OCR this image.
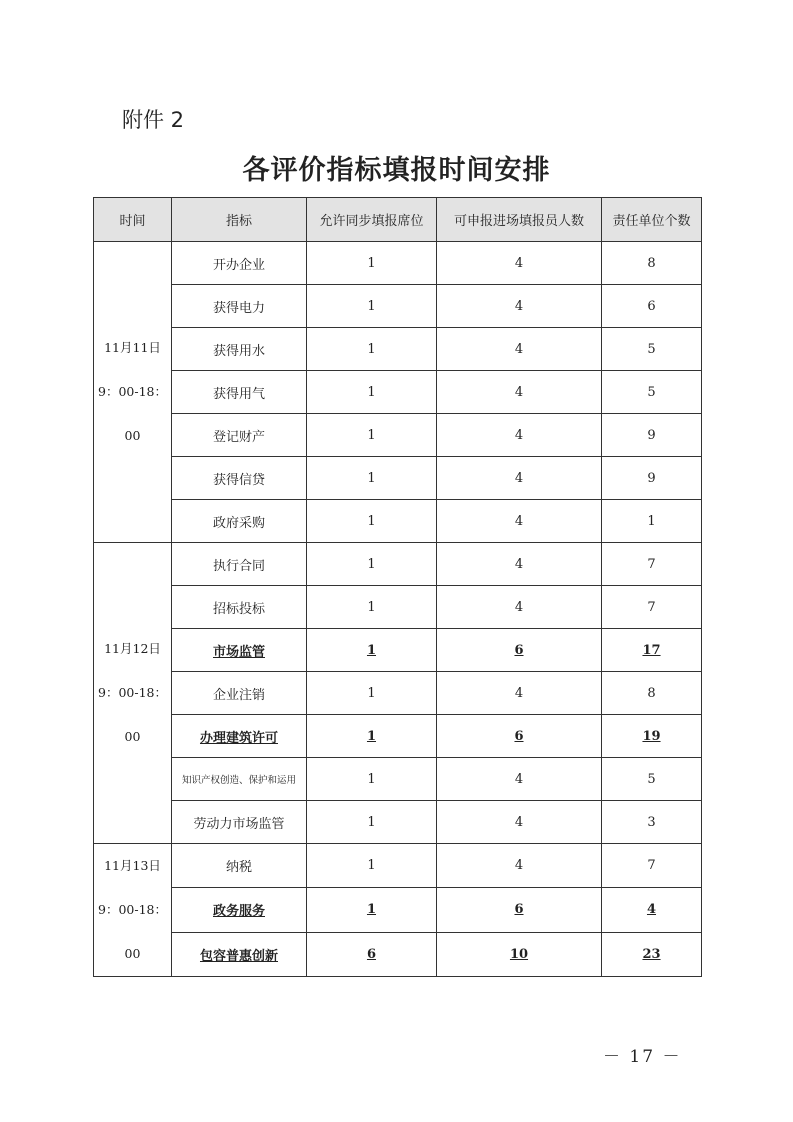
附件 2
各评价指标填报时间安排
时间	指标	允许同步填报席位	可申报进场填报员人数	责任单位个数

11月11日
9：00-18：
00	开办企业	1	4	8
	获得电力	1	4	6
	获得用水	1	4	5
	获得用气	1	4	5
	登记财产	1	4	9
	获得信贷	1	4	9
	政府采购	1	4	1

11月12日
9：00-18：
00	执行合同	1	4	7
	招标投标	1	4	7
	市场监管	1	6	17
	企业注销	1	4	8
	办理建筑许可	1	6	19
	知识产权创造、保护和运用	1	4	5
	劳动力市场监管	1	4	3

11月13日
9：00-18：
00	纳税	1	4	7
	政务服务	1	6	4
	包容普惠创新	6	10	23
－ 17 －
